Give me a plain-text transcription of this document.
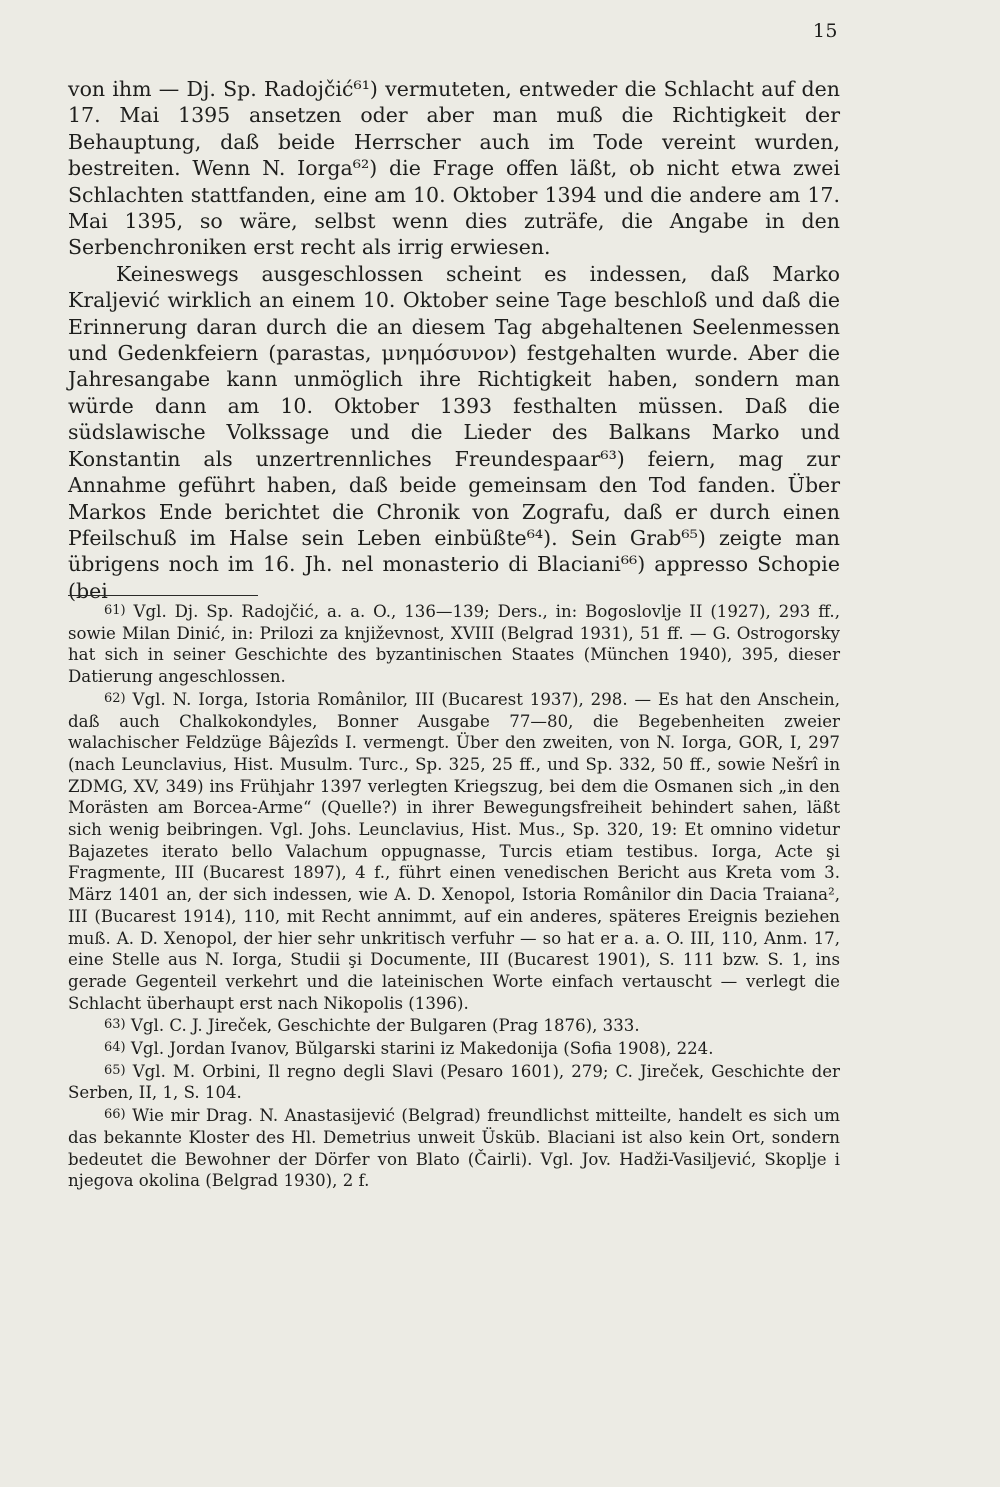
15

von ihm — Dj. Sp. Radojčić⁶¹) vermuteten, entweder die Schlacht auf den 17. Mai 1395 ansetzen oder aber man muß die Richtigkeit der Behauptung, daß beide Herrscher auch im Tode vereint wurden, bestreiten. Wenn N. Iorga⁶²) die Frage offen läßt, ob nicht etwa zwei Schlachten stattfanden, eine am 10. Oktober 1394 und die andere am 17. Mai 1395, so wäre, selbst wenn dies zuträfe, die Angabe in den Serbenchroniken erst recht als irrig erwiesen.

Keineswegs ausgeschlossen scheint es indessen, daß Marko Kraljević wirklich an einem 10. Oktober seine Tage beschloß und daß die Erinnerung daran durch die an diesem Tag abgehaltenen Seelenmessen und Gedenkfeiern (parastas, μνημόσυνον) festgehalten wurde. Aber die Jahresangabe kann unmöglich ihre Richtigkeit haben, sondern man würde dann am 10. Oktober 1393 festhalten müssen. Daß die südslawische Volkssage und die Lieder des Balkans Marko und Konstantin als unzertrennliches Freundespaar⁶³) feiern, mag zur Annahme geführt haben, daß beide gemeinsam den Tod fanden. Über Markos Ende berichtet die Chronik von Zografu, daß er durch einen Pfeilschuß im Halse sein Leben einbüßte⁶⁴). Sein Grab⁶⁵) zeigte man übrigens noch im 16. Jh. nel monasterio di Blaciani⁶⁶) appresso Schopie (bei

61) Vgl. Dj. Sp. Radojčić, a. a. O., 136—139; Ders., in: Bogoslovlje II (1927), 293 ff., sowie Milan Dinić, in: Prilozi za književnost, XVIII (Belgrad 1931), 51 ff. — G. Ostrogorsky hat sich in seiner Geschichte des byzantinischen Staates (München 1940), 395, dieser Datierung angeschlossen.

62) Vgl. N. Iorga, Istoria Românilor, III (Bucarest 1937), 298. — Es hat den Anschein, daß auch Chalkokondyles, Bonner Ausgabe 77—80, die Begebenheiten zweier walachischer Feldzüge Bâjezîds I. vermengt. Über den zweiten, von N. Iorga, GOR, I, 297 (nach Leunclavius, Hist. Musulm. Turc., Sp. 325, 25 ff., und Sp. 332, 50 ff., sowie Nešrî in ZDMG, XV, 349) ins Frühjahr 1397 verlegten Kriegszug, bei dem die Osmanen sich „in den Morästen am Borcea-Arme“ (Quelle?) in ihrer Bewegungsfreiheit behindert sahen, läßt sich wenig beibringen. Vgl. Johs. Leunclavius, Hist. Mus., Sp. 320, 19: Et omnino videtur Bajazetes iterato bello Valachum oppugnasse, Turcis etiam testibus. Iorga, Acte şi Fragmente, III (Bucarest 1897), 4 f., führt einen venedischen Bericht aus Kreta vom 3. März 1401 an, der sich indessen, wie A. D. Xenopol, Istoria Românilor din Dacia Traiana², III (Bucarest 1914), 110, mit Recht annimmt, auf ein anderes, späteres Ereignis beziehen muß. A. D. Xenopol, der hier sehr unkritisch verfuhr — so hat er a. a. O. III, 110, Anm. 17, eine Stelle aus N. Iorga, Studii şi Documente, III (Bucarest 1901), S. 111 bzw. S. 1, ins gerade Gegenteil verkehrt und die lateinischen Worte einfach vertauscht — verlegt die Schlacht überhaupt erst nach Nikopolis (1396).

63) Vgl. C. J. Jireček, Geschichte der Bulgaren (Prag 1876), 333.

64) Vgl. Jordan Ivanov, Bŭlgarski starini iz Makedonija (Sofia 1908), 224.

65) Vgl. M. Orbini, Il regno degli Slavi (Pesaro 1601), 279; C. Jireček, Geschichte der Serben, II, 1, S. 104.

66) Wie mir Drag. N. Anastasijević (Belgrad) freundlichst mitteilte, handelt es sich um das bekannte Kloster des Hl. Demetrius unweit Üsküb. Blaciani ist also kein Ort, sondern bedeutet die Bewohner der Dörfer von Blato (Čairli). Vgl. Jov. Hadži-Vasiljević, Skoplje i njegova okolina (Belgrad 1930), 2 f.
